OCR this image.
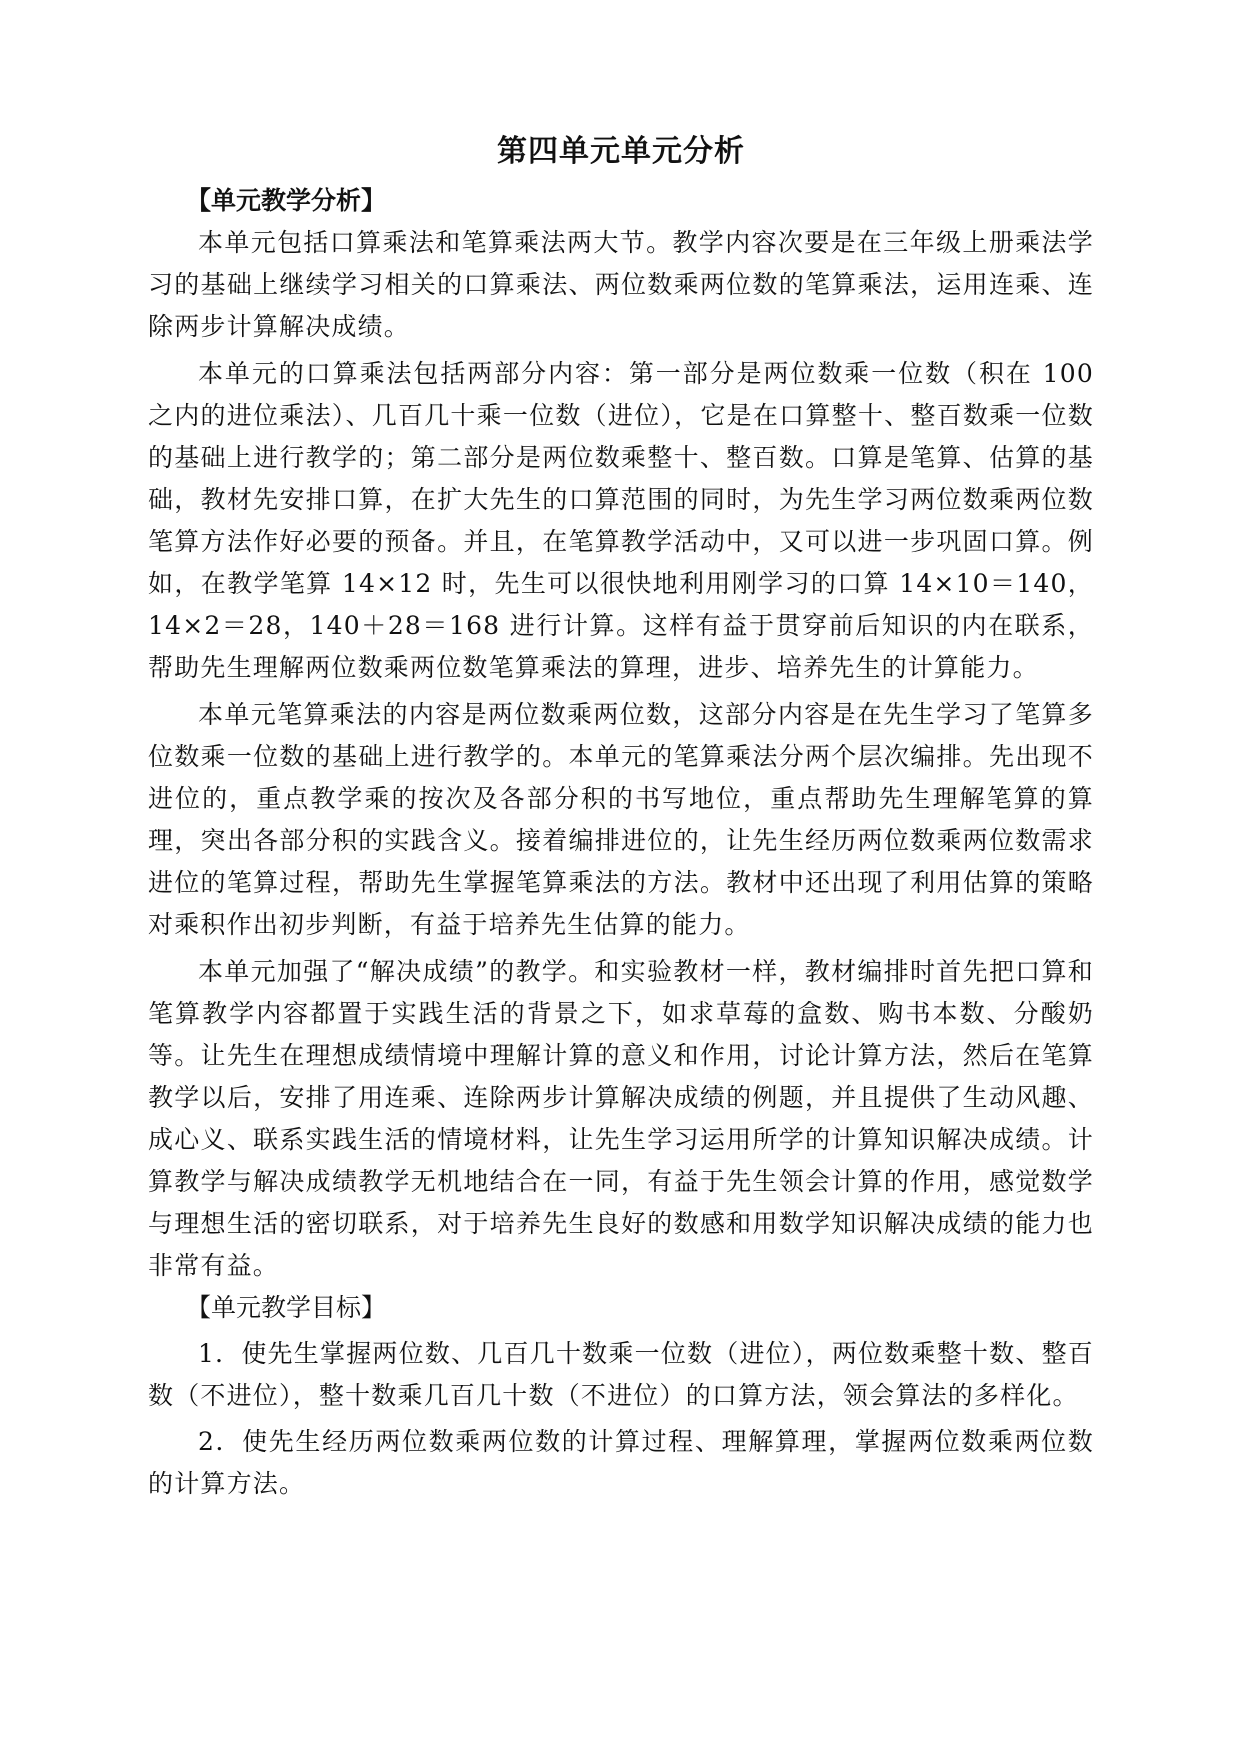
第四单元单元分析

【单元教学分析】

本单元包括口算乘法和笔算乘法两大节。教学内容次要是在三年级上册乘法学习的基础上继续学习相关的口算乘法、两位数乘两位数的笔算乘法，运用连乘、连除两步计算解决成绩。

本单元的口算乘法包括两部分内容：第一部分是两位数乘一位数（积在 100 之内的进位乘法）、几百几十乘一位数（进位），它是在口算整十、整百数乘一位数的基础上进行教学的；第二部分是两位数乘整十、整百数。口算是笔算、估算的基础，教材先安排口算，在扩大先生的口算范围的同时，为先生学习两位数乘两位数笔算方法作好必要的预备。并且，在笔算教学活动中，又可以进一步巩固口算。例如，在教学笔算 14×12 时，先生可以很快地利用刚学习的口算 14×10＝140，14×2＝28，140＋28＝168 进行计算。这样有益于贯穿前后知识的内在联系，帮助先生理解两位数乘两位数笔算乘法的算理，进步、培养先生的计算能力。

本单元笔算乘法的内容是两位数乘两位数，这部分内容是在先生学习了笔算多位数乘一位数的基础上进行教学的。本单元的笔算乘法分两个层次编排。先出现不进位的，重点教学乘的按次及各部分积的书写地位，重点帮助先生理解笔算的算理，突出各部分积的实践含义。接着编排进位的，让先生经历两位数乘两位数需求进位的笔算过程，帮助先生掌握笔算乘法的方法。教材中还出现了利用估算的策略对乘积作出初步判断，有益于培养先生估算的能力。

本单元加强了“解决成绩”的教学。和实验教材一样，教材编排时首先把口算和笔算教学内容都置于实践生活的背景之下，如求草莓的盒数、购书本数、分酸奶等。让先生在理想成绩情境中理解计算的意义和作用，讨论计算方法，然后在笔算教学以后，安排了用连乘、连除两步计算解决成绩的例题，并且提供了生动风趣、成心义、联系实践生活的情境材料，让先生学习运用所学的计算知识解决成绩。计算教学与解决成绩教学无机地结合在一同，有益于先生领会计算的作用，感觉数学与理想生活的密切联系，对于培养先生良好的数感和用数学知识解决成绩的能力也非常有益。

【单元教学目标】

1．使先生掌握两位数、几百几十数乘一位数（进位），两位数乘整十数、整百数（不进位），整十数乘几百几十数（不进位）的口算方法，领会算法的多样化。

2．使先生经历两位数乘两位数的计算过程、理解算理，掌握两位数乘两位数的计算方法。
